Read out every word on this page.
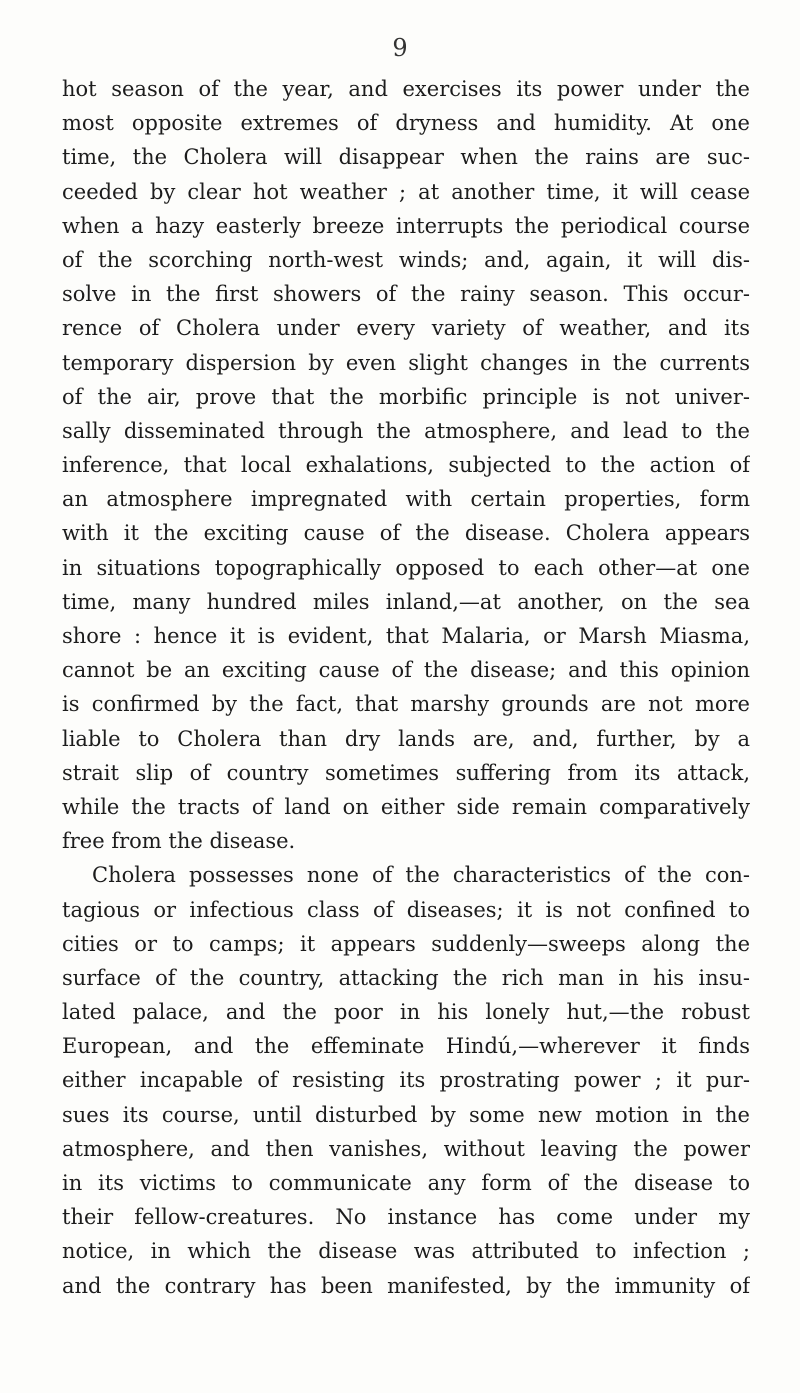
9
hot season of the year, and exercises its power under the
most opposite extremes of dryness and humidity. At one
time, the Cholera will disappear when the rains are suc-
ceeded by clear hot weather ; at another time, it will cease
when a hazy easterly breeze interrupts the periodical course
of the scorching north-west winds; and, again, it will dis-
solve in the first showers of the rainy season. This occur-
rence of Cholera under every variety of weather, and its
temporary dispersion by even slight changes in the currents
of the air, prove that the morbific principle is not univer-
sally disseminated through the atmosphere, and lead to the
inference, that local exhalations, subjected to the action of
an atmosphere impregnated with certain properties, form
with it the exciting cause of the disease. Cholera appears
in situations topographically opposed to each other—at one
time, many hundred miles inland,—at another, on the sea
shore : hence it is evident, that Malaria, or Marsh Miasma,
cannot be an exciting cause of the disease; and this opinion
is confirmed by the fact, that marshy grounds are not more
liable to Cholera than dry lands are, and, further, by a
strait slip of country sometimes suffering from its attack,
while the tracts of land on either side remain comparatively
free from the disease.
Cholera possesses none of the characteristics of the con-
tagious or infectious class of diseases; it is not confined to
cities or to camps; it appears suddenly—sweeps along the
surface of the country, attacking the rich man in his insu-
lated palace, and the poor in his lonely hut,—the robust
European, and the effeminate Hindú,—wherever it finds
either incapable of resisting its prostrating power ; it pur-
sues its course, until disturbed by some new motion in the
atmosphere, and then vanishes, without leaving the power
in its victims to communicate any form of the disease to
their fellow-creatures. No instance has come under my
notice, in which the disease was attributed to infection ;
and the contrary has been manifested, by the immunity of
